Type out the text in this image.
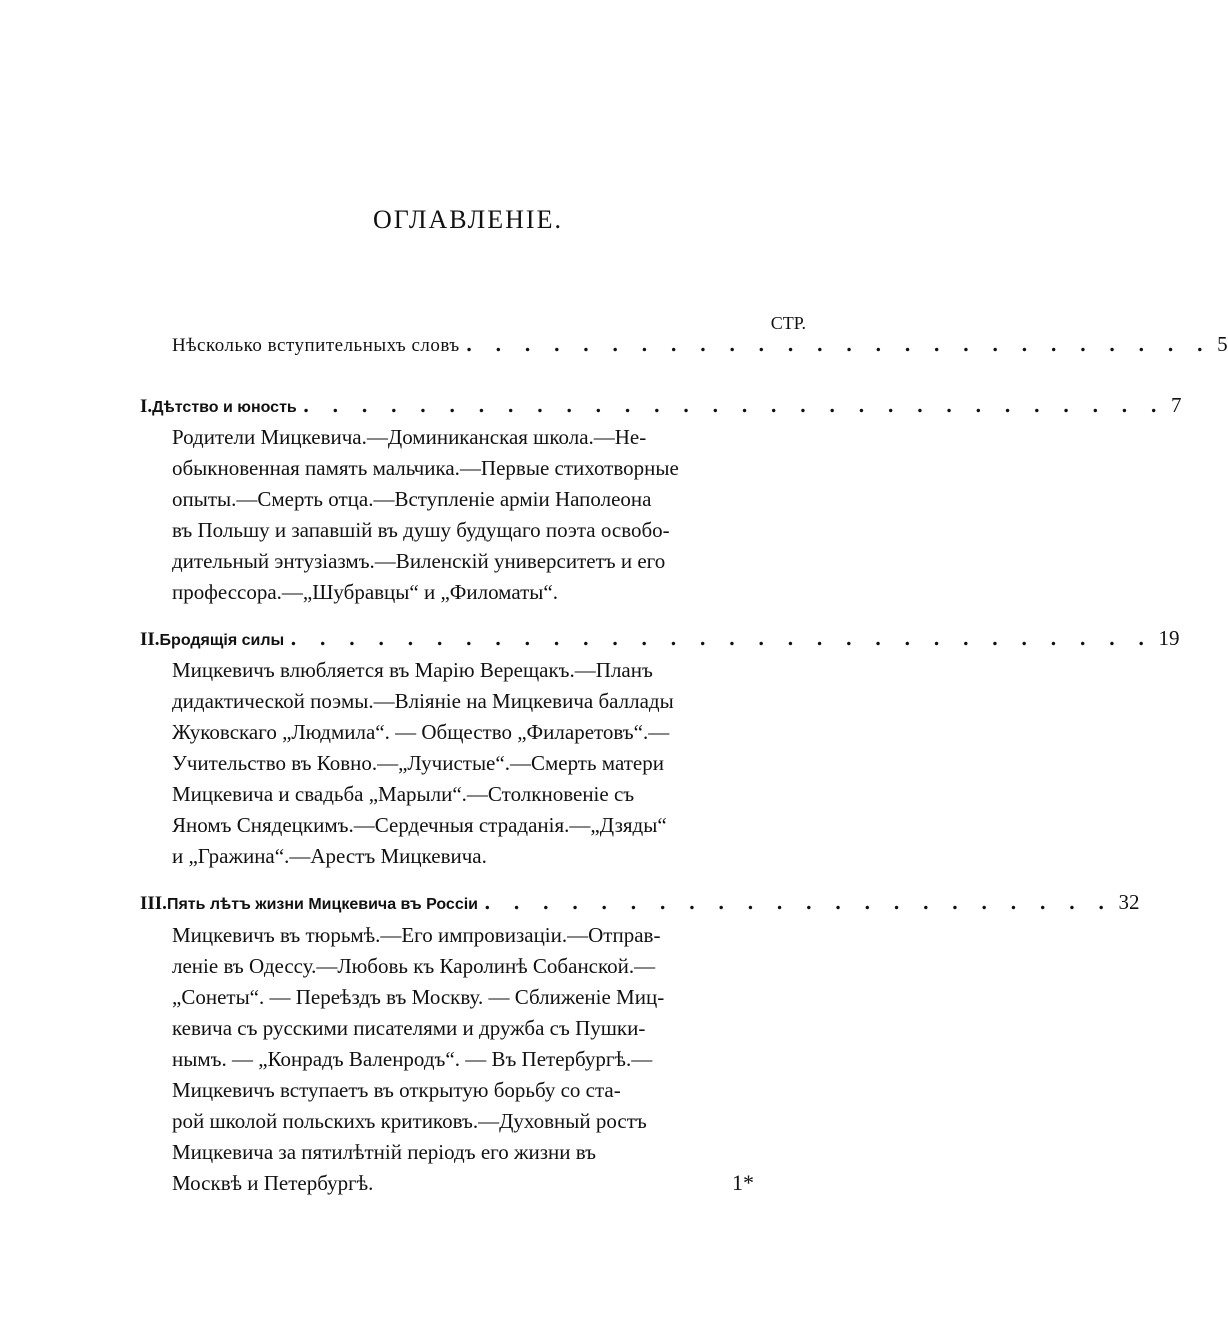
ОГЛАВЛЕНІЕ.
СТР.
Нѣсколько вступительныхъ словъ . . . . . . . . . . . . . . . . . . . . . . . . . . 5
I. Дѣтство и юность . . . . . . . . . . . . . . . . . . . . . . . . . . . . . . 7
Родители Мицкевича.—Доминиканская школа.—Не-
обыкновенная память мальчика.—Первые стихотворные
опыты.—Смерть отца.—Вступленіе арміи Наполеона
въ Польшу и запавшій въ душу будущаго поэта освобо-
дительный энтузіазмъ.—Виленскій университетъ и его
профессора.—„Шубравцы“ и „Филоматы“.
II. Бродящія силы . . . . . . . . . . . . . . . . . . . . . . . . . . . . . . 19
Мицкевичъ влюбляется въ Марію Верещакъ.—Планъ
дидактической поэмы.—Вліяніе на Мицкевича баллады
Жуковскаго „Людмила“. — Общество „Филаретовъ“.—
Учительство въ Ковно.—„Лучистые“.—Смерть матери
Мицкевича и свадьба „Марыли“.—Столкновеніе съ
Яномъ Снядецкимъ.—Сердечныя страданія.—„Дзяды“
и „Гражина“.—Арестъ Мицкевича.
III. Пять лѣтъ жизни Мицкевича въ Россіи . . . . . . . . . . . . . . . . . . . . . . 32
Мицкевичъ въ тюрьмѣ.—Его импровизаціи.—Отправ-
леніе въ Одессу.—Любовь къ Каролинѣ Собанской.—
„Сонеты“. — Переѣздъ въ Москву. — Сближеніе Миц-
кевича съ русскими писателями и дружба съ Пушки-
нымъ. — „Конрадъ Валенродъ“. — Въ Петербургѣ.—
Мицкевичъ вступаетъ въ открытую борьбу со ста-
рой школой польскихъ критиковъ.—Духовный ростъ
Мицкевича за пятилѣтній періодъ его жизни въ
Москвѣ и Петербургѣ.	1*
